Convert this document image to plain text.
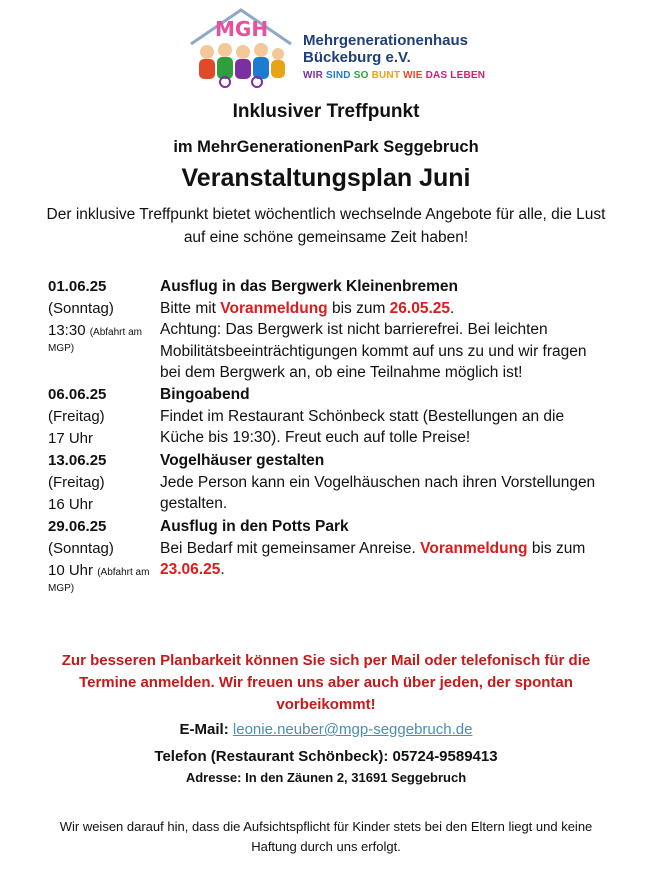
MGH Mehrgenerationenhaus
Bückeburg e.V.
WIR SIND SO BUNT WIE DAS LEBEN
Inklusiver Treffpunkt
im MehrGenerationenPark Seggebruch
Veranstaltungsplan Juni
Der inklusive Treffpunkt bietet wöchentlich wechselnde Angebote für alle, die Lust auf eine schöne gemeinsame Zeit haben!
01.06.25
(Sonntag)
13:30 (Abfahrt am MGP)
Ausflug in das Bergwerk Kleinenbremen
Bitte mit Voranmeldung bis zum 26.05.25.
Achtung: Das Bergwerk ist nicht barrierefrei. Bei leichten Mobilitätsbeeinträchtigungen kommt auf uns zu und wir fragen bei dem Bergwerk an, ob eine Teilnahme möglich ist!
06.06.25
(Freitag)
17 Uhr
Bingoabend
Findet im Restaurant Schönbeck statt (Bestellungen an die Küche bis 19:30). Freut euch auf tolle Preise!
13.06.25
(Freitag)
16 Uhr
Vogelhäuser gestalten
Jede Person kann ein Vogelhäuschen nach ihren Vorstellungen gestalten.
29.06.25
(Sonntag)
10 Uhr (Abfahrt am MGP)
Ausflug in den Potts Park
Bei Bedarf mit gemeinsamer Anreise. Voranmeldung bis zum 23.06.25.
Zur besseren Planbarkeit können Sie sich per Mail oder telefonisch für die Termine anmelden. Wir freuen uns aber auch über jeden, der spontan vorbeikommt!
E-Mail: leonie.neuber@mgp-seggebruch.de
Telefon (Restaurant Schönbeck): 05724-9589413
Adresse: In den Zäunen 2, 31691 Seggebruch
Wir weisen darauf hin, dass die Aufsichtspflicht für Kinder stets bei den Eltern liegt und keine Haftung durch uns erfolgt.
